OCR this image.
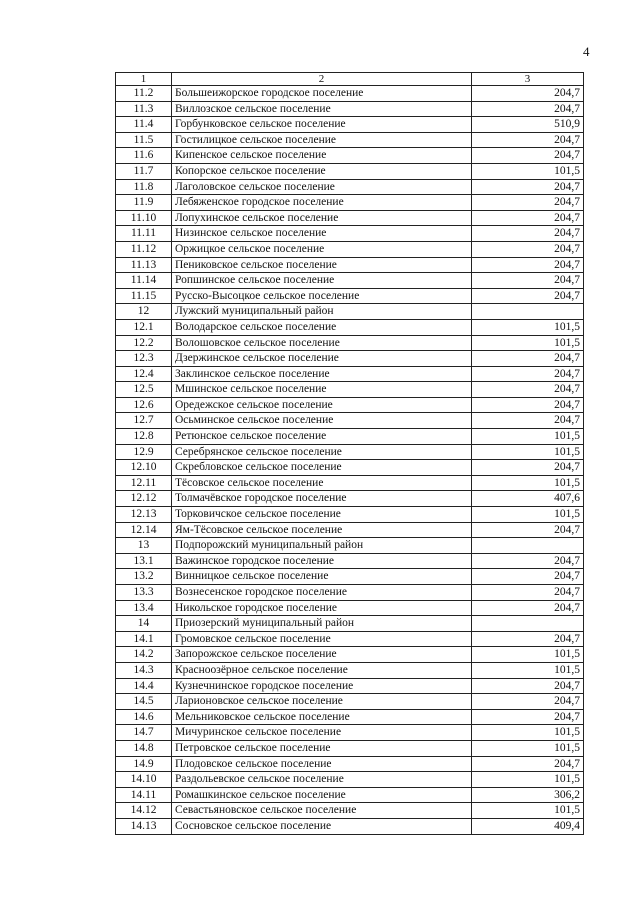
4
1	2	3
11.2	Большеижорское городское поселение	204,7
11.3	Виллозское сельское поселение	204,7
11.4	Горбунковское сельское поселение	510,9
11.5	Гостилицкое сельское поселение	204,7
11.6	Кипенское сельское поселение	204,7
11.7	Копорское сельское поселение	101,5
11.8	Лаголовское сельское поселение	204,7
11.9	Лебяженское городское поселение	204,7
11.10	Лопухинское сельское поселение	204,7
11.11	Низинское сельское поселение	204,7
11.12	Оржицкое сельское поселение	204,7
11.13	Пениковское сельское поселение	204,7
11.14	Ропшинское сельское поселение	204,7
11.15	Русско-Высоцкое сельское поселение	204,7
12	Лужский муниципальный район	
12.1	Володарское сельское поселение	101,5
12.2	Волошовское сельское поселение	101,5
12.3	Дзержинское сельское поселение	204,7
12.4	Заклинское сельское поселение	204,7
12.5	Мшинское сельское поселение	204,7
12.6	Оредежское сельское поселение	204,7
12.7	Осьминское сельское поселение	204,7
12.8	Ретюнское сельское поселение	101,5
12.9	Серебрянское сельское поселение	101,5
12.10	Скребловское сельское поселение	204,7
12.11	Тёсовское сельское поселение	101,5
12.12	Толмачёвское городское поселение	407,6
12.13	Торковичское сельское поселение	101,5
12.14	Ям-Тёсовское сельское поселение	204,7
13	Подпорожский муниципальный район	
13.1	Важинское городское поселение	204,7
13.2	Винницкое сельское поселение	204,7
13.3	Вознесенское городское поселение	204,7
13.4	Никольское городское поселение	204,7
14	Приозерский муниципальный район	
14.1	Громовское сельское поселение	204,7
14.2	Запорожское сельское поселение	101,5
14.3	Красноозёрное сельское поселение	101,5
14.4	Кузнечнинское городское поселение	204,7
14.5	Ларионовское сельское поселение	204,7
14.6	Мельниковское сельское поселение	204,7
14.7	Мичуринское сельское поселение	101,5
14.8	Петровское сельское поселение	101,5
14.9	Плодовское сельское поселение	204,7
14.10	Раздольевское сельское поселение	101,5
14.11	Ромашкинское сельское поселение	306,2
14.12	Севастьяновское сельское поселение	101,5
14.13	Сосновское сельское поселение	409,4
